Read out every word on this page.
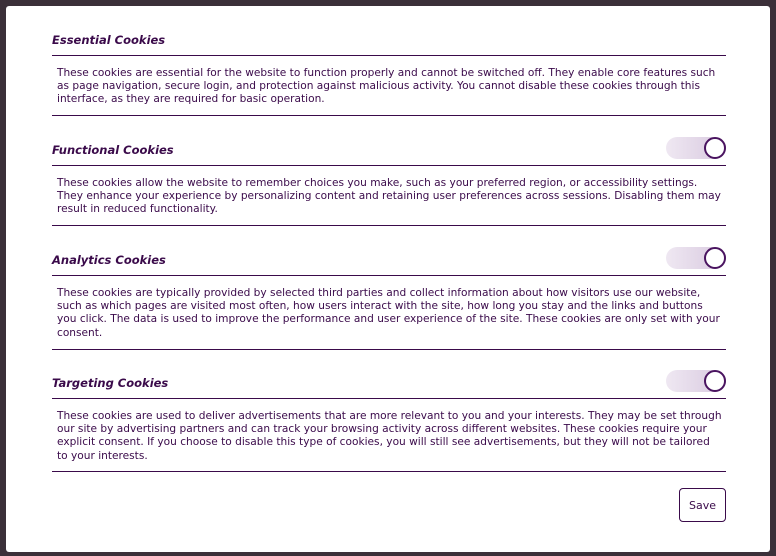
Essential Cookies
These cookies are essential for the website to function properly and cannot be switched off. They enable core features such as page navigation, secure login, and protection against malicious activity. You cannot disable these cookies through this interface, as they are required for basic operation.
Functional Cookies
These cookies allow the website to remember choices you make, such as your preferred region, or accessibility settings. They enhance your experience by personalizing content and retaining user preferences across sessions. Disabling them may result in reduced functionality.
Analytics Cookies
These cookies are typically provided by selected third parties and collect information about how visitors use our website, such as which pages are visited most often, how users interact with the site, how long you stay and the links and buttons you click. The data is used to improve the performance and user experience of the site. These cookies are only set with your consent.
Targeting Cookies
These cookies are used to deliver advertisements that are more relevant to you and your interests. They may be set through our site by advertising partners and can track your browsing activity across different websites. These cookies require your explicit consent. If you choose to disable this type of cookies, you will still see advertisements, but they will not be tailored to your interests.
Save
